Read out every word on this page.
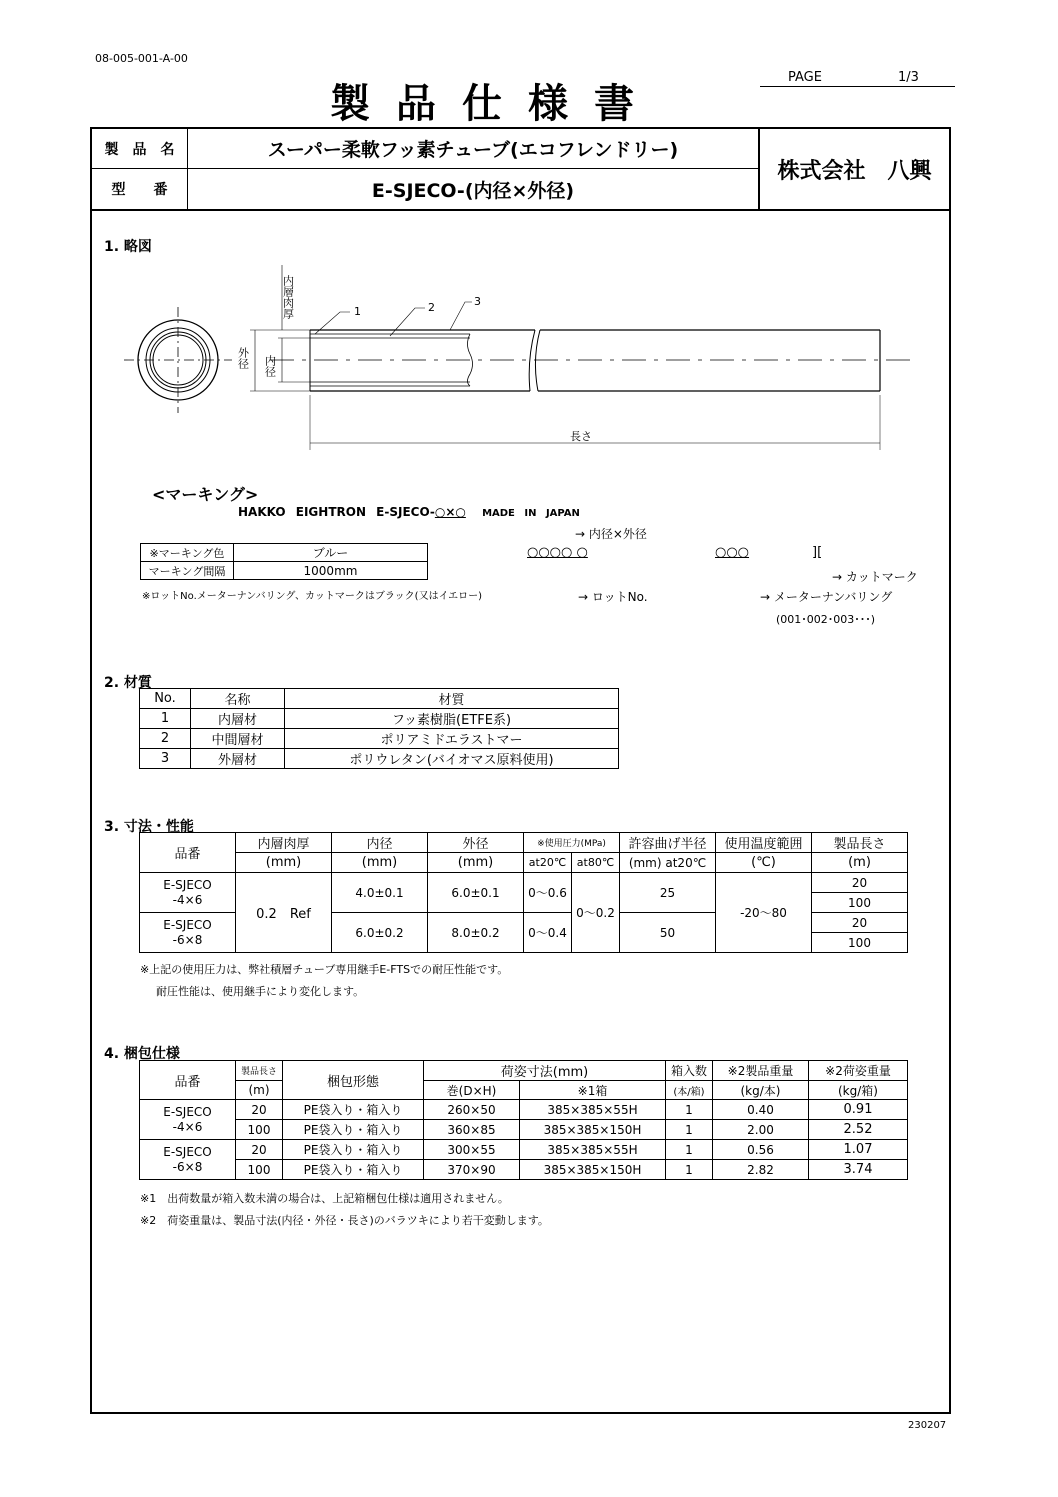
08-005-001-A-00
製品仕様書
PAGE	1/3
製　品　名	スーパー柔軟フッ素チューブ(エコフレンドリー)
型　　番	E-SJECO-(内径×外径)
株式会社　八興
1. 略図
1	2	3
内層肉厚
外径 内径
長さ
<マーキング>
HAKKO EIGHTRON E-SJECO-○×○ MADE IN JAPAN
→ 内径×外径
○○○○ ○	○○○	][
→ カットマーク
→ ロットNo.	→ メーターナンバリング
(001･002･003･･･)
※マーキング色	ブルー
マーキング間隔	1000mm
※ロットNo.メーターナンバリング、カットマークはブラック(又はイエロー)
2. 材質
No.	名称	材質
1	内層材	フッ素樹脂(ETFE系)
2	中間層材	ポリアミドエラストマー
3	外層材	ポリウレタン(バイオマス原料使用)
3. 寸法・性能
品番	内層肉厚	内径	外径	※使用圧力(MPa)		許容曲げ半径	使用温度範囲	製品長さ
	(mm)	(mm)	(mm)	at20℃	at80℃	(mm) at20℃	(℃)	(m)
E-SJECO
-4×6	0.2　Ref	4.0±0.1	6.0±0.1	0～0.6	0～0.2	25	-20～80	20
								100
E-SJECO
-6×8		6.0±0.2	8.0±0.2	0～0.4		50		20
								100
※上記の使用圧力は、弊社積層チューブ専用継手E-FTSでの耐圧性能です。
耐圧性能は、使用継手により変化します。
4. 梱包仕様
品番	製品長さ	梱包形態	荷姿寸法(mm)		箱入数	※2製品重量	※2荷姿重量
	(m)		巻(D×H)	※1箱	(本/箱)	(kg/本)	(kg/箱)
E-SJECO
-4×6	20	PE袋入り・箱入り	260×50	385×385×55H	1	0.40	0.91
	100	PE袋入り・箱入り	360×85	385×385×150H	1	2.00	2.52
E-SJECO
-6×8	20	PE袋入り・箱入り	300×55	385×385×55H	1	0.56	1.07
	100	PE袋入り・箱入り	370×90	385×385×150H	1	2.82	3.74
※1　出荷数量が箱入数未満の場合は、上記箱梱包仕様は適用されません。
※2　荷姿重量は、製品寸法(内径・外径・長さ)のバラツキにより若干変動します。
230207
